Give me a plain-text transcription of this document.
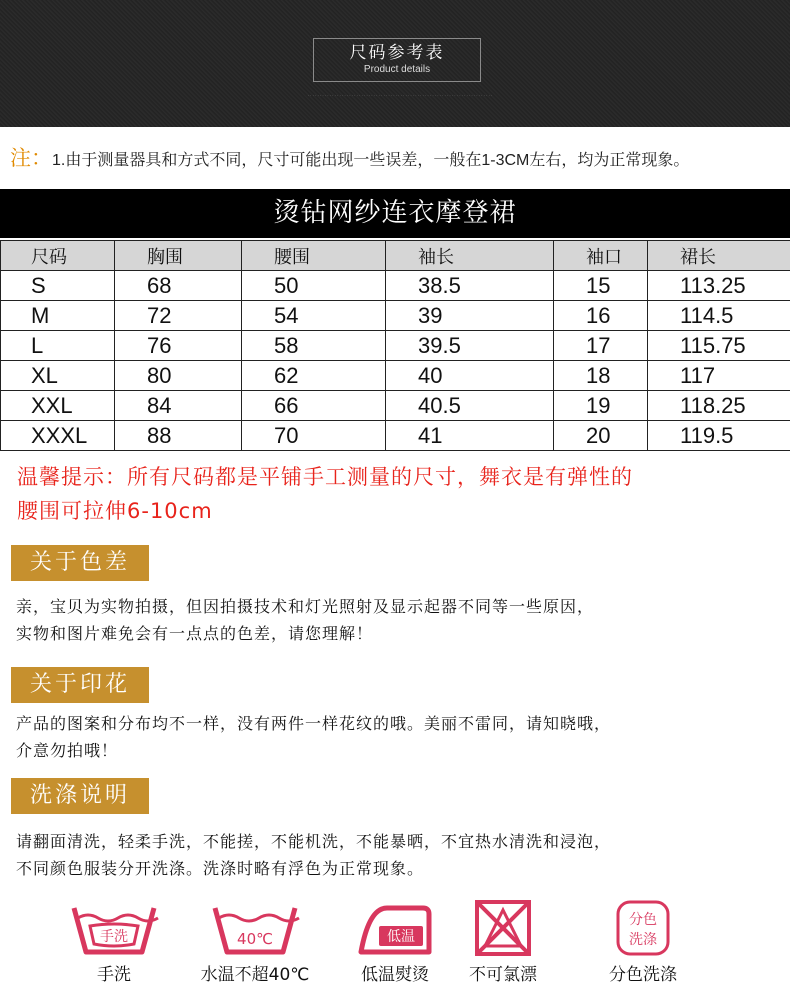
尺码参考表
Product details
· · · · · · · · · · · · · · · · · · · · · · · · · · · · · · · · · · · · · · · · · · · · · · · · · · · · · · · · · · · · · · · · · · · · · · · · · · · ·
注：1.由于测量器具和方式不同，尺寸可能出现一些误差，一般在1-3CM左右，均为正常现象。
烫钻网纱连衣摩登裙
尺码	胸围	腰围	袖长	袖口	裙长
S	68	50	38.5	15	113.25
M	72	54	39	16	114.5
L	76	58	39.5	17	115.75
XL	80	62	40	18	117
XXL	84	66	40.5	19	118.25
XXXL	88	70	41	20	119.5
温馨提示：所有尺码都是平铺手工测量的尺寸，舞衣是有弹性的
腰围可拉伸6-10cm
关于色差
亲，宝贝为实物拍摄，但因拍摄技术和灯光照射及显示起器不同等一些原因，
实物和图片难免会有一点点的色差，请您理解！
关于印花
产品的图案和分布均不一样，没有两件一样花纹的哦。美丽不雷同，请知晓哦，
介意勿拍哦！
洗涤说明
请翻面清洗，轻柔手洗，不能搓，不能机洗，不能暴晒，不宜热水清洗和浸泡，
不同颜色服装分开洗涤。洗涤时略有浮色为正常现象。
手洗
手洗
40℃
水温不超40℃
低温
低温熨烫	不可氯漂
分色
洗涤
分色洗涤
